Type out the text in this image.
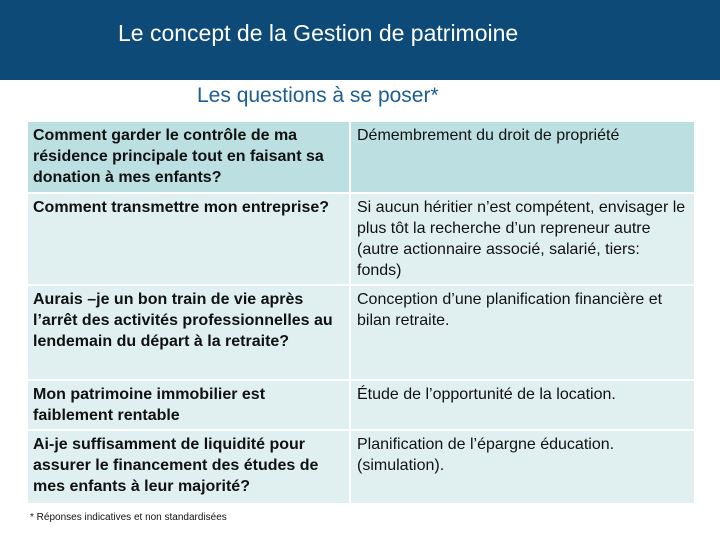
Le concept de la Gestion de patrimoine
Les questions à se poser*
Comment garder le contrôle de ma résidence principale tout en faisant sa donation à mes enfants?	Démembrement du droit de propriété
Comment transmettre mon entreprise?	Si aucun héritier n’est compétent, envisager le plus tôt la recherche d’un repreneur autre (autre actionnaire associé, salarié, tiers: fonds)
Aurais –je un bon train de vie après l’arrêt des activités professionnelles au lendemain du départ à la retraite?	Conception d’une planification financière et bilan retraite.
Mon patrimoine immobilier est faiblement rentable	Étude de l’opportunité de la location.
Ai-je suffisamment de liquidité pour assurer le financement des études de mes enfants à leur majorité?	Planification de l’épargne éducation. (simulation).
* Réponses indicatives et non standardisées
